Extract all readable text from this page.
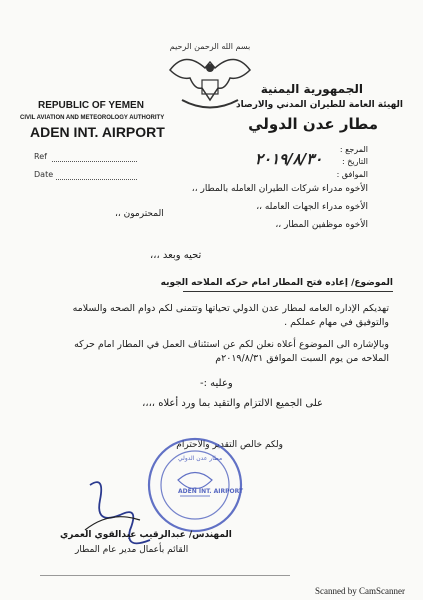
بسم الله الرحمن الرحيم
REPUBLIC OF YEMEN
CIVIL AVIATION AND METEOROLOGY AUTHORITY
ADEN INT. AIRPORT
الجمهورية اليمنية
الهيئة العامة للطيران المدني والارصاد
مطار عدن الدولي
Ref
Date
المرجع :
التاريخ :
الموافق :
٢٠١٩/٨/٣٠
الأخوه مدراء شركات الطيران العامله بالمطار ،،
الأخوه مدراء الجهات العامله ،،
المحترمون ،،
الأخوه موظفين المطار ،،
تحيه وبعد ،،،
الموضوع/ إعاده فتح المطار امام حركه الملاحه الجويه
تهديكم الإداره العامه لمطار عدن الدولي تحياتها وتتمنى لكم دوام الصحه والسلامه والتوفيق في مهام عملكم .
وبالإشاره الى الموضوع أعلاه نعلن لكم عن استئناف العمل في المطار امام حركه الملاحه من يوم السبت الموافق ٢٠١٩/٨/٣١م
وعليه :-
على الجميع الالتزام والتقيد بما ورد أعلاه ،،،،
ولكم خالص التقدير والاحترام
ADEN INT. AIRPORT
مطار عدن الدولي
المهندس/ عبدالرقيب عبدالقوي العمري
القائم بأعمال مدير عام المطار
Scanned by CamScanner
